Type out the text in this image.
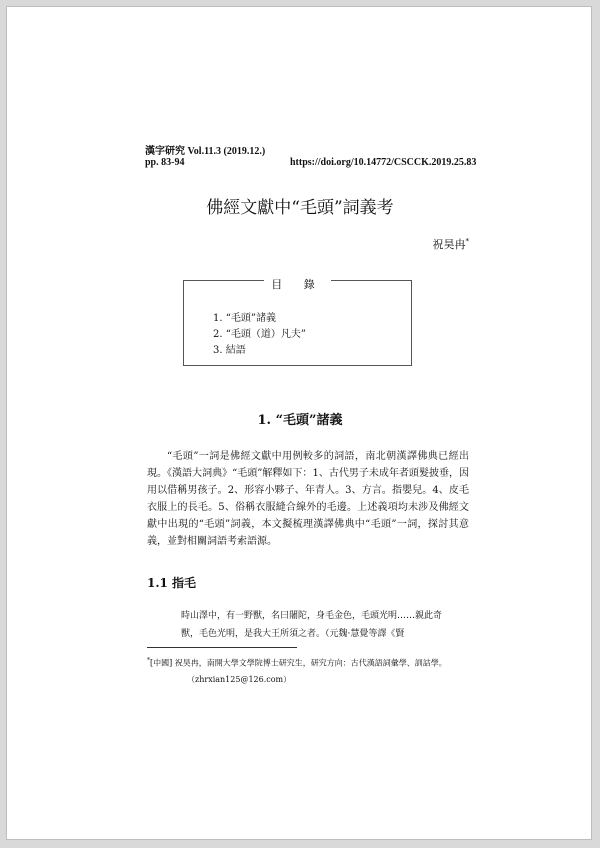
漢字研究 Vol.11.3 (2019.12.)
pp. 83-94	https://doi.org/10.14772/CSCCK.2019.25.83
佛經文獻中“毛頭”詞義考
祝昊冉*
目 錄
1. “毛頭”諸義
2. “毛頭（道）凡夫”
3. 結語
1. “毛頭”諸義

“毛頭”一詞是佛經文獻中用例較多的詞語，南北朝漢譯佛典已經出現。《漢語大詞典》“毛頭”解釋如下：1、古代男子未成年者頭髮披垂，因用以借稱男孩子。2、形容小夥子、年青人。3、方言。指嬰兒。4、皮毛衣服上的長毛。5、俗稱衣服縫合線外的毛邊。上述義項均未涉及佛經文獻中出現的“毛頭”詞義，本文擬梳理漢譯佛典中“毛頭”一詞，探討其意義，並對相關詞語考索語源。

1.1 指毛

時山澤中，有一野獸，名曰闍陀，身毛金色，毛頭光明……親此奇獸，毛色光明，是我大王所須之者。（元魏·慧覺等譯《賢

*[中國] 祝昊冉，南開大學文學院博士研究生，研究方向：古代漢語詞彙學、訓詁學。
（zhrxian125@126.com）
